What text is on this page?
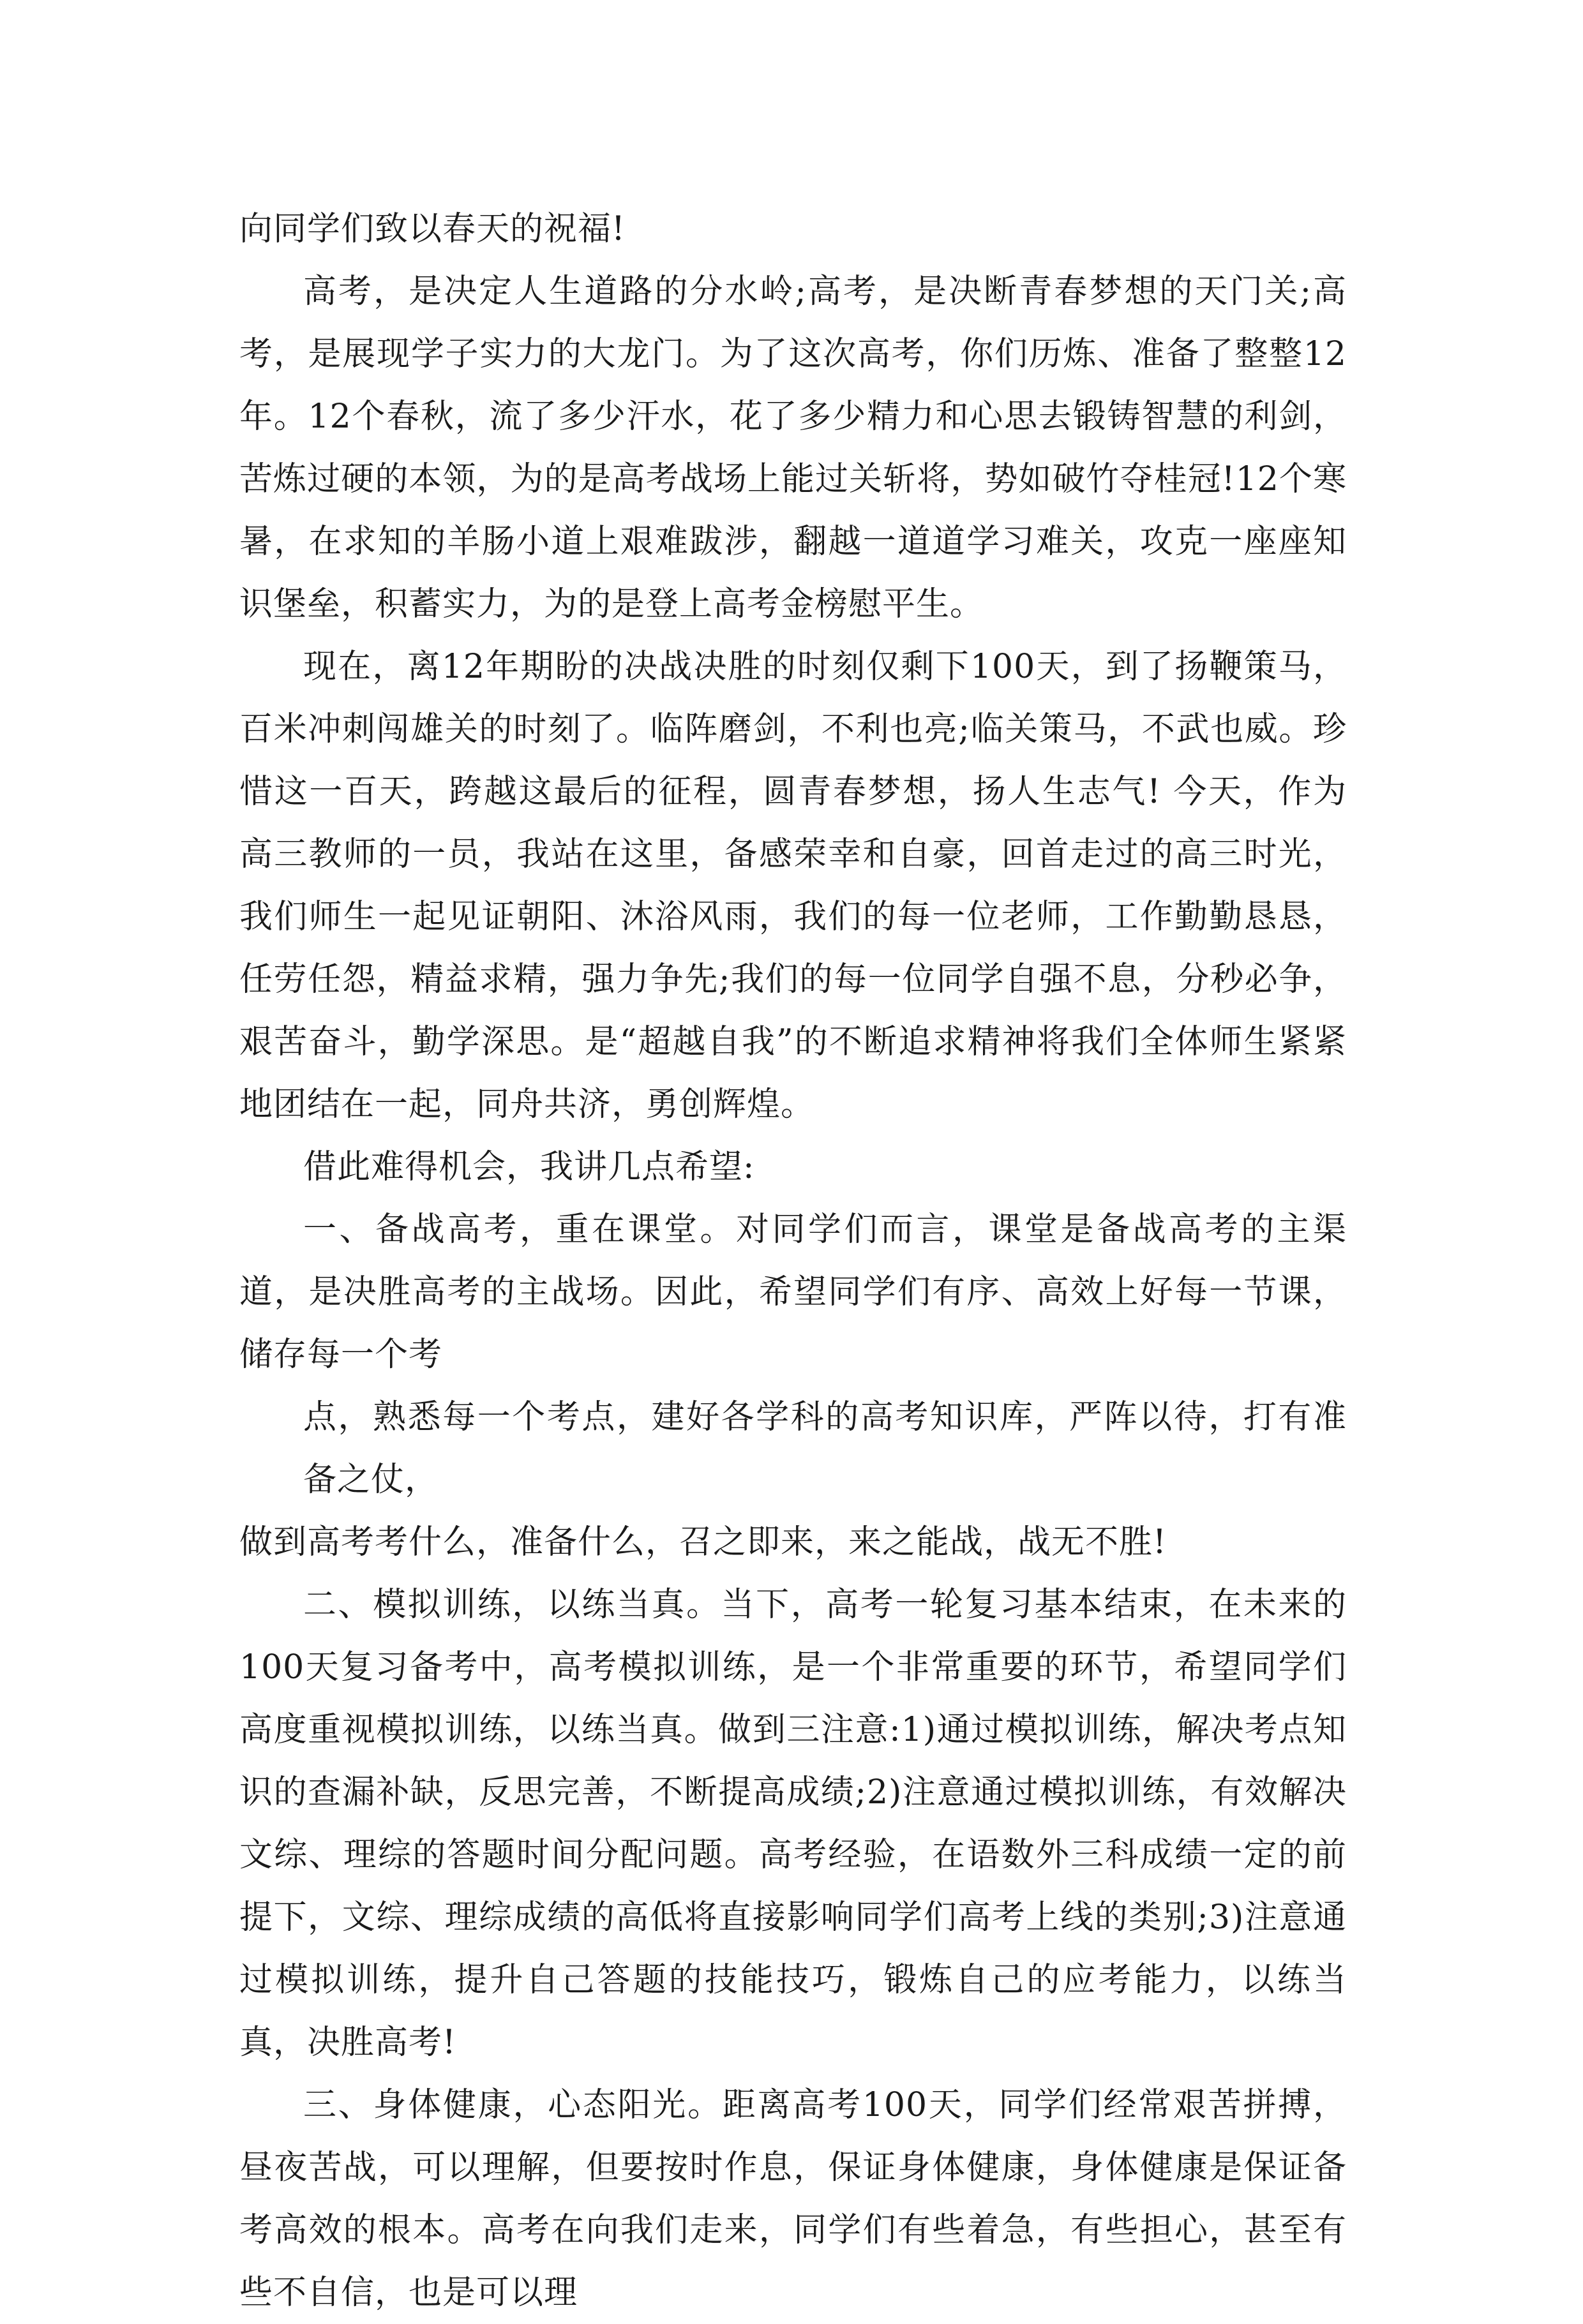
向同学们致以春天的祝福!

高考，是决定人生道路的分水岭;高考，是决断青春梦想的天门关;高考，是展现学子实力的大龙门。为了这次高考，你们历炼、准备了整整12年。12个春秋，流了多少汗水，花了多少精力和心思去锻铸智慧的利剑，苦炼过硬的本领，为的是高考战场上能过关斩将，势如破竹夺桂冠!12个寒暑，在求知的羊肠小道上艰难跋涉，翻越一道道学习难关，攻克一座座知识堡垒，积蓄实力，为的是登上高考金榜慰平生。

现在，离12年期盼的决战决胜的时刻仅剩下100天，到了扬鞭策马，百米冲刺闯雄关的时刻了。临阵磨剑，不利也亮;临关策马，不武也威。珍惜这一百天，跨越这最后的征程，圆青春梦想，扬人生志气! 今天，作为高三教师的一员，我站在这里，备感荣幸和自豪，回首走过的高三时光，我们师生一起见证朝阳、沐浴风雨，我们的每一位老师，工作勤勤恳恳，任劳任怨，精益求精，强力争先;我们的每一位同学自强不息，分秒必争，艰苦奋斗，勤学深思。是“超越自我”的不断追求精神将我们全体师生紧紧地团结在一起，同舟共济，勇创辉煌。

借此难得机会，我讲几点希望:

一、备战高考，重在课堂。对同学们而言，课堂是备战高考的主渠道，是决胜高考的主战场。因此，希望同学们有序、高效上好每一节课，储存每一个考

点，熟悉每一个考点，建好各学科的高考知识库，严阵以待，打有准备之仗，

做到高考考什么，准备什么，召之即来，来之能战，战无不胜!

二、模拟训练，以练当真。当下，高考一轮复习基本结束，在未来的100天复习备考中，高考模拟训练，是一个非常重要的环节，希望同学们高度重视模拟训练，以练当真。做到三注意:1)通过模拟训练，解决考点知识的查漏补缺，反思完善，不断提高成绩;2)注意通过模拟训练，有效解决文综、理综的答题时间分配问题。高考经验，在语数外三科成绩一定的前提下，文综、理综成绩的高低将直接影响同学们高考上线的类别;3)注意通过模拟训练，提升自己答题的技能技巧，锻炼自己的应考能力，以练当真，决胜高考!

三、身体健康，心态阳光。距离高考100天，同学们经常艰苦拼搏，昼夜苦战，可以理解，但要按时作息，保证身体健康，身体健康是保证备考高效的根本。高考在向我们走来，同学们有些着急，有些担心，甚至有些不自信，也是可以理
